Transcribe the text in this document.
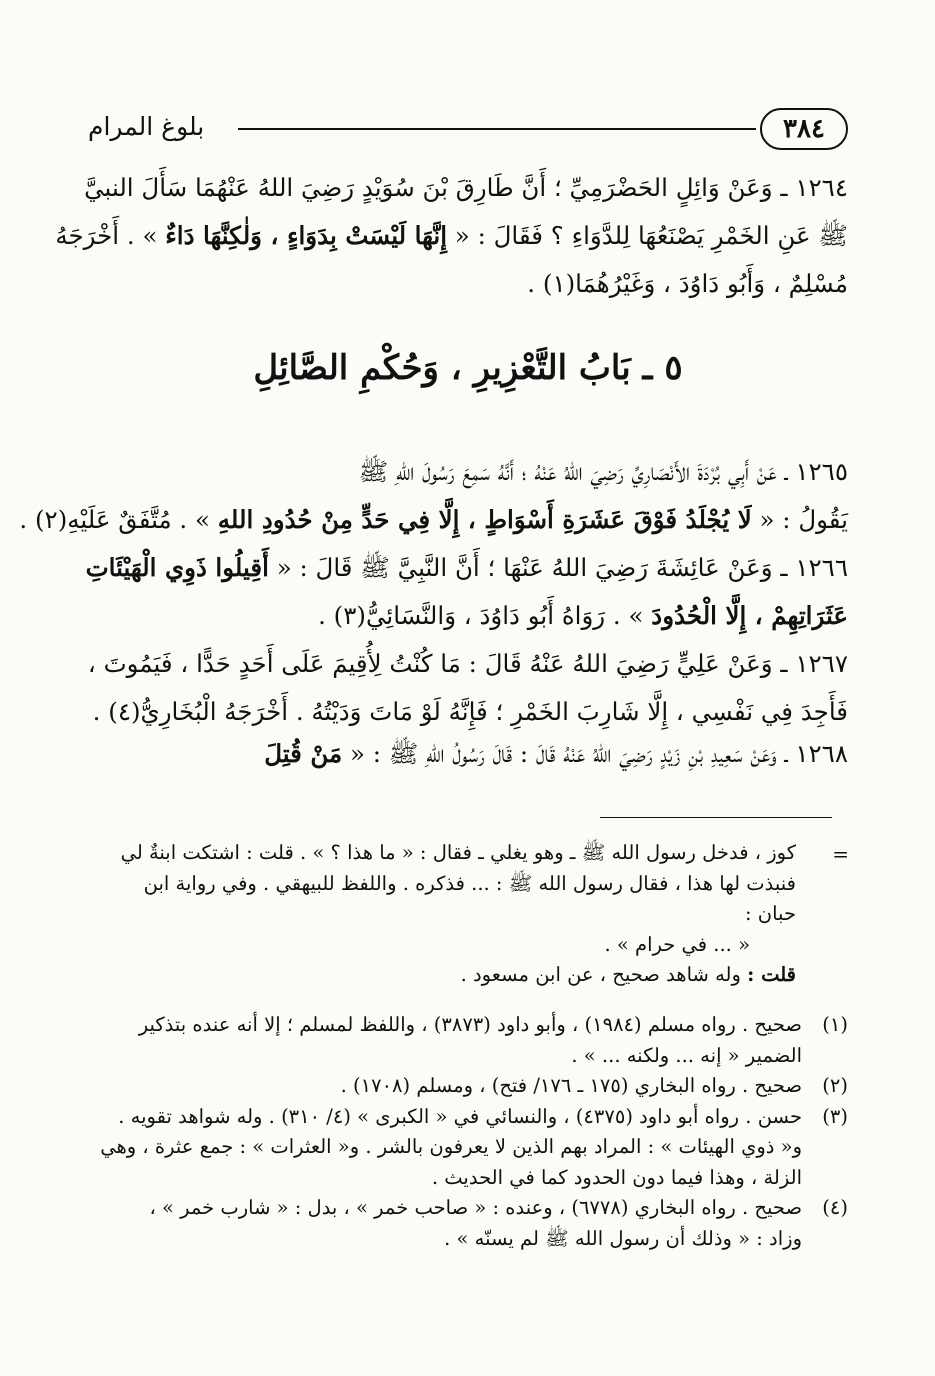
٣٨٤
بلوغ المرام
١٢٦٤ ـ وَعَنْ وَائِلٍ الحَضْرَمِيِّ ؛ أَنَّ طَارِقَ بْنَ سُوَيْدٍ رَضِيَ اللهُ عَنْهُمَا سَأَلَ النبيَّ
ﷺ عَنِ الخَمْرِ يَصْنَعُهَا لِلدَّوَاءِ ؟ فَقَالَ : « إِنَّهَا لَيْسَتْ بِدَوَاءٍ ، وَلٰكِنَّهَا دَاءٌ » . أَخْرَجَهُ
مُسْلِمٌ ، وَأَبُو دَاوُدَ ، وَغَيْرُهُمَا(١) .
٥ ـ بَابُ التَّعْزِيرِ ، وَحُكْمِ الصَّائِلِ
١٢٦٥ ـ عَنْ أَبِي بُرْدَةَ الأَنْصَارِيِّ رَضِيَ اللهُ عَنْهُ ؛ أَنَّهُ سَمِعَ رَسُولَ اللهِ ﷺ
يَقُولُ : « لَا يُجْلَدُ فَوْقَ عَشَرَةِ أَسْوَاطٍ ، إِلَّا فِي حَدٍّ مِنْ حُدُودِ اللهِ » . مُتَّفَقٌ عَلَيْهِ(٢) .
١٢٦٦ ـ وَعَنْ عَائِشَةَ رَضِيَ اللهُ عَنْهَا ؛ أَنَّ النَّبِيَّ ﷺ قَالَ : « أَقِيلُوا ذَوِي الْهَيْئَاتِ
عَثَرَاتِهِمْ ، إِلَّا الْحُدُودَ » . رَوَاهُ أَبُو دَاوُدَ ، وَالنَّسَائِيُّ(٣) .
١٢٦٧ ـ وَعَنْ عَلِيٍّ رَضِيَ اللهُ عَنْهُ قَالَ : مَا كُنْتُ لِأُقِيمَ عَلَى أَحَدٍ حَدًّا ، فَيَمُوتَ ،
فَأَجِدَ فِي نَفْسِي ، إِلَّا شَارِبَ الخَمْرِ ؛ فَإِنَّهُ لَوْ مَاتَ وَدَيْتُهُ . أَخْرَجَهُ الْبُخَارِيُّ(٤) .
١٢٦٨ ـ وَعَنْ سَعِيدِ بْنِ زَيْدٍ رَضِيَ اللهُ عَنْهُ قَالَ : قَالَ رَسُولُ اللهِ ﷺ : « مَنْ قُتِلَ
=
كوز ، فدخل رسول الله ﷺ ـ وهو يغلي ـ فقال : « ما هذا ؟ » . قلت : اشتكت ابنةٌ لي
فنبذت لها هذا ، فقال رسول الله ﷺ : ... فذكره . واللفظ للبيهقي . وفي رواية ابن
حبان :
« ... في حرام » .
قلت : وله شاهد صحيح ، عن ابن مسعود .
(١)
صحيح . رواه مسلم (١٩٨٤) ، وأبو داود (٣٨٧٣) ، واللفظ لمسلم ؛ إلا أنه عنده بتذكير
الضمير « إنه ... ولكنه ... » .
(٢)
صحيح . رواه البخاري (١٧٥ ـ ١٧٦/ فتح) ، ومسلم (١٧٠٨) .
(٣)
حسن . رواه أبو داود (٤٣٧٥) ، والنسائي في « الكبرى » (٤/ ٣١٠) . وله شواهد تقويه .
و« ذوي الهيئات » : المراد بهم الذين لا يعرفون بالشر . و« العثرات » : جمع عثرة ، وهي
الزلة ، وهذا فيما دون الحدود كما في الحديث .
(٤)
صحيح . رواه البخاري (٦٧٧٨) ، وعنده : « صاحب خمر » ، بدل : « شارب خمر » ،
وزاد : « وذلك أن رسول الله ﷺ لم يسنّه » .
